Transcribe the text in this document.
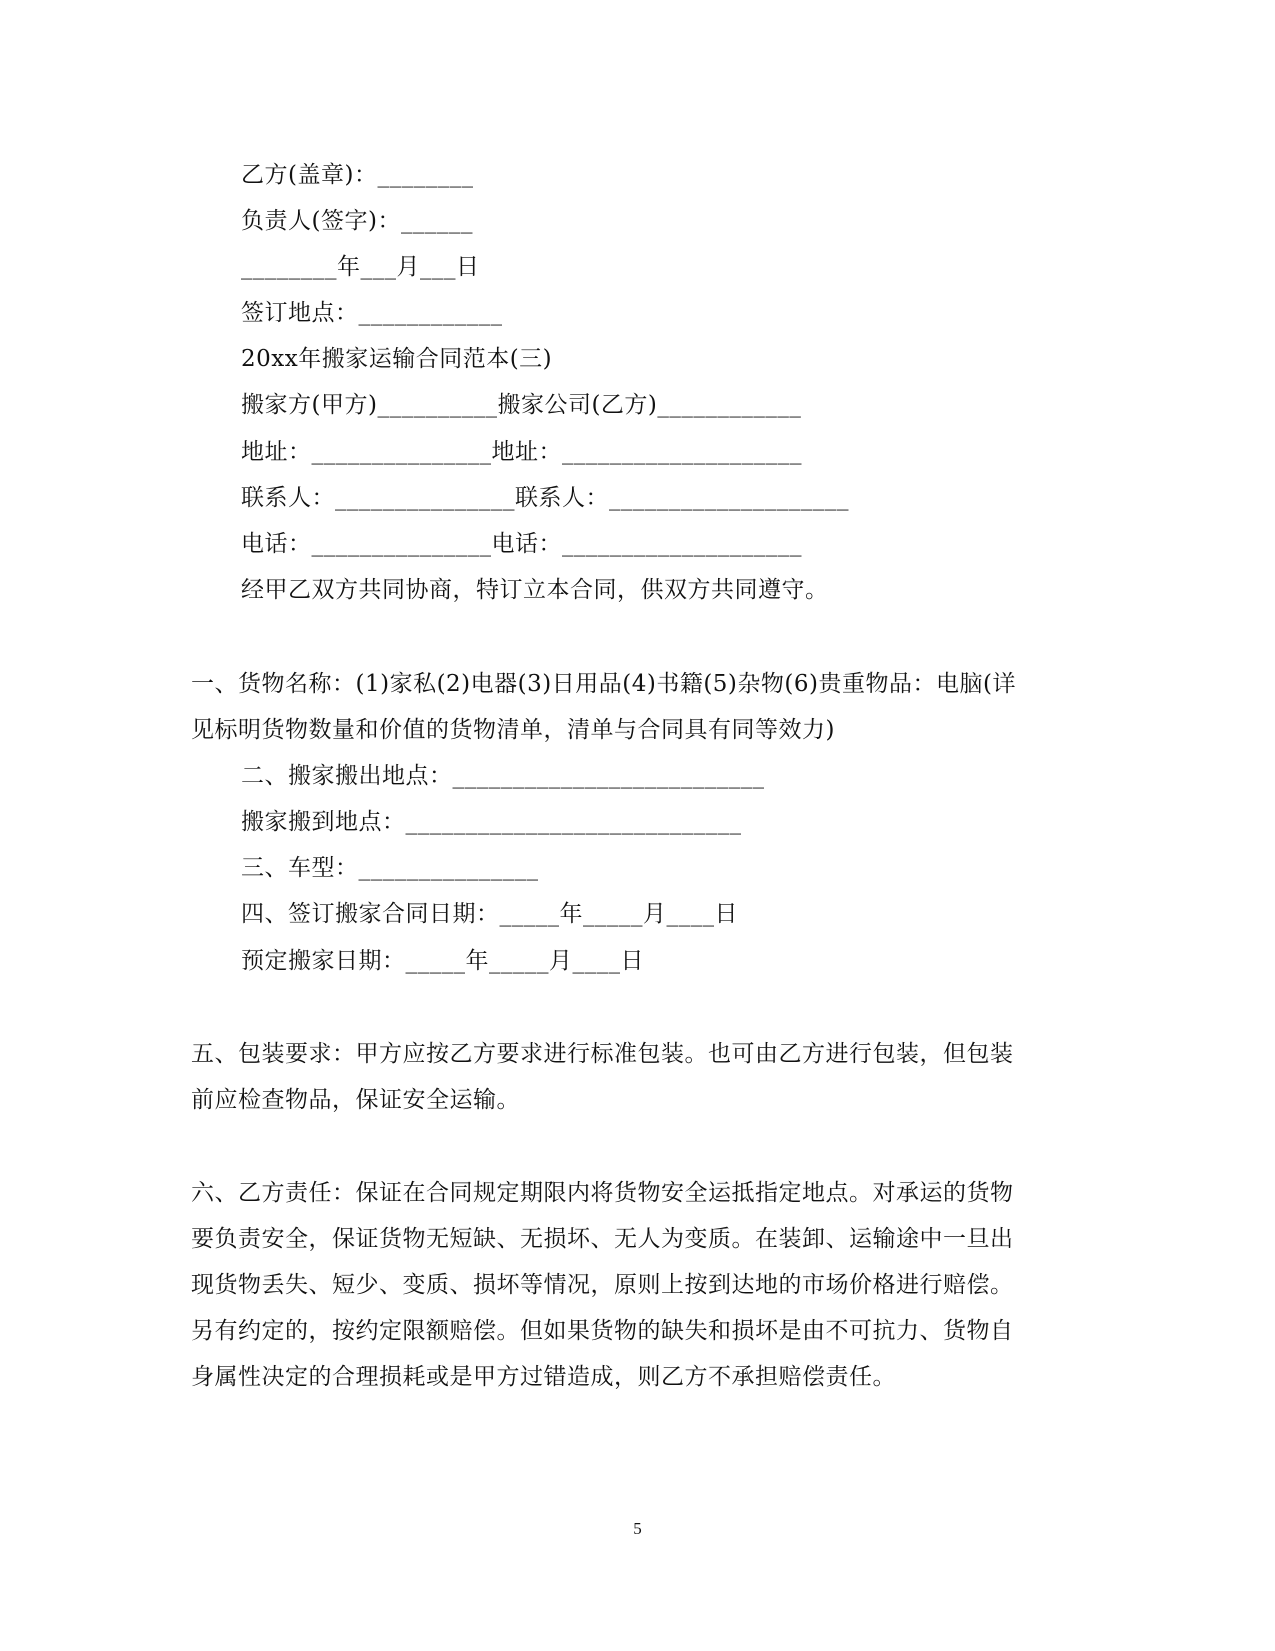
乙方(盖章)：________
负责人(签字)：______
________年___月___日
签订地点：____________
20xx年搬家运输合同范本(三)
搬家方(甲方)__________搬家公司(乙方)____________
地址：_______________地址：____________________
联系人：_______________联系人：____________________
电话：_______________电话：____________________
经甲乙双方共同协商，特订立本合同，供双方共同遵守。
一、货物名称：(1)家私(2)电器(3)日用品(4)书籍(5)杂物(6)贵重物品：电脑(详
见标明货物数量和价值的货物清单，清单与合同具有同等效力)
二、搬家搬出地点：__________________________
搬家搬到地点：____________________________
三、车型：_______________
四、签订搬家合同日期：_____年_____月____日
预定搬家日期：_____年_____月____日
五、包装要求：甲方应按乙方要求进行标准包装。也可由乙方进行包装，但包装
前应检查物品，保证安全运输。
六、乙方责任：保证在合同规定期限内将货物安全运抵指定地点。对承运的货物
要负责安全，保证货物无短缺、无损坏、无人为变质。在装卸、运输途中一旦出
现货物丢失、短少、变质、损坏等情况，原则上按到达地的市场价格进行赔偿。
另有约定的，按约定限额赔偿。但如果货物的缺失和损坏是由不可抗力、货物自
身属性决定的合理损耗或是甲方过错造成，则乙方不承担赔偿责任。
5
